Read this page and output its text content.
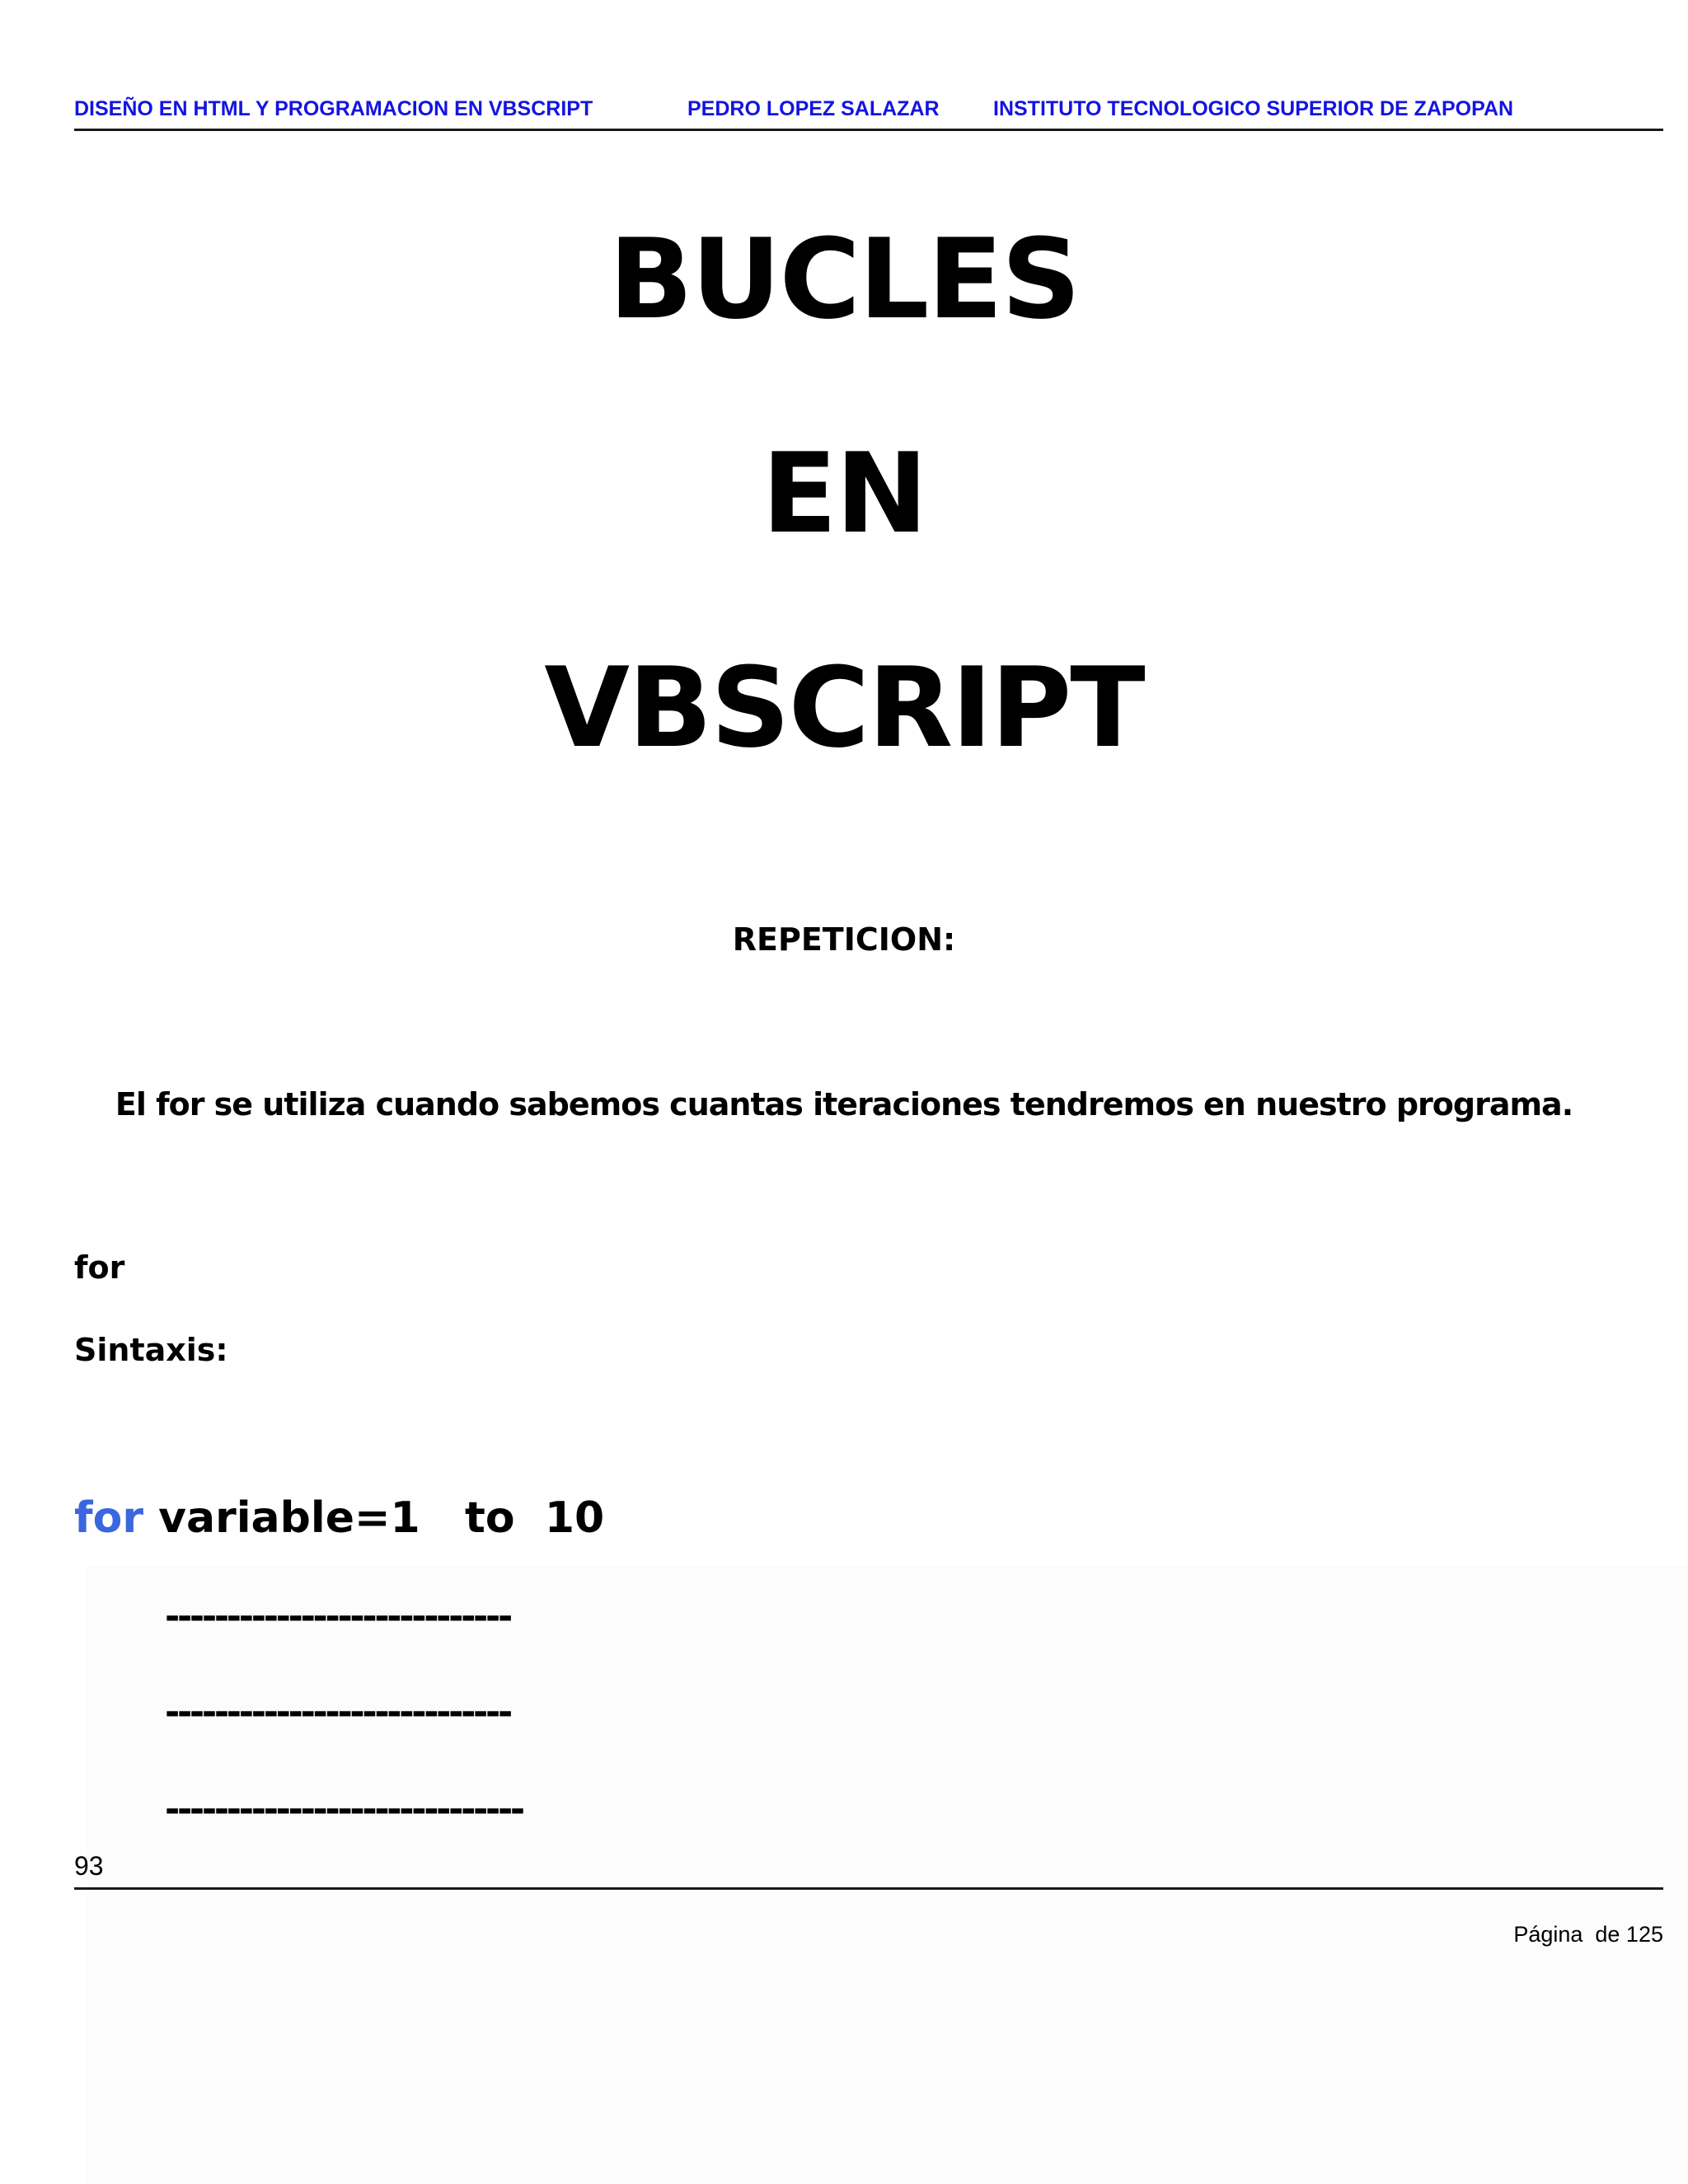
DISEÑO EN HTML Y PROGRAMACION EN VBSCRIPT	PEDRO LOPEZ SALAZAR	INSTITUTO TECNOLOGICO SUPERIOR DE ZAPOPAN
BUCLES
EN
VBSCRIPT
REPETICION:
El for se utiliza cuando sabemos cuantas iteraciones tendremos en nuestro programa.
for
Sintaxis:
for variable=1   to  10
----------------------------
----------------------------
-----------------------------
93
Página  de 125
